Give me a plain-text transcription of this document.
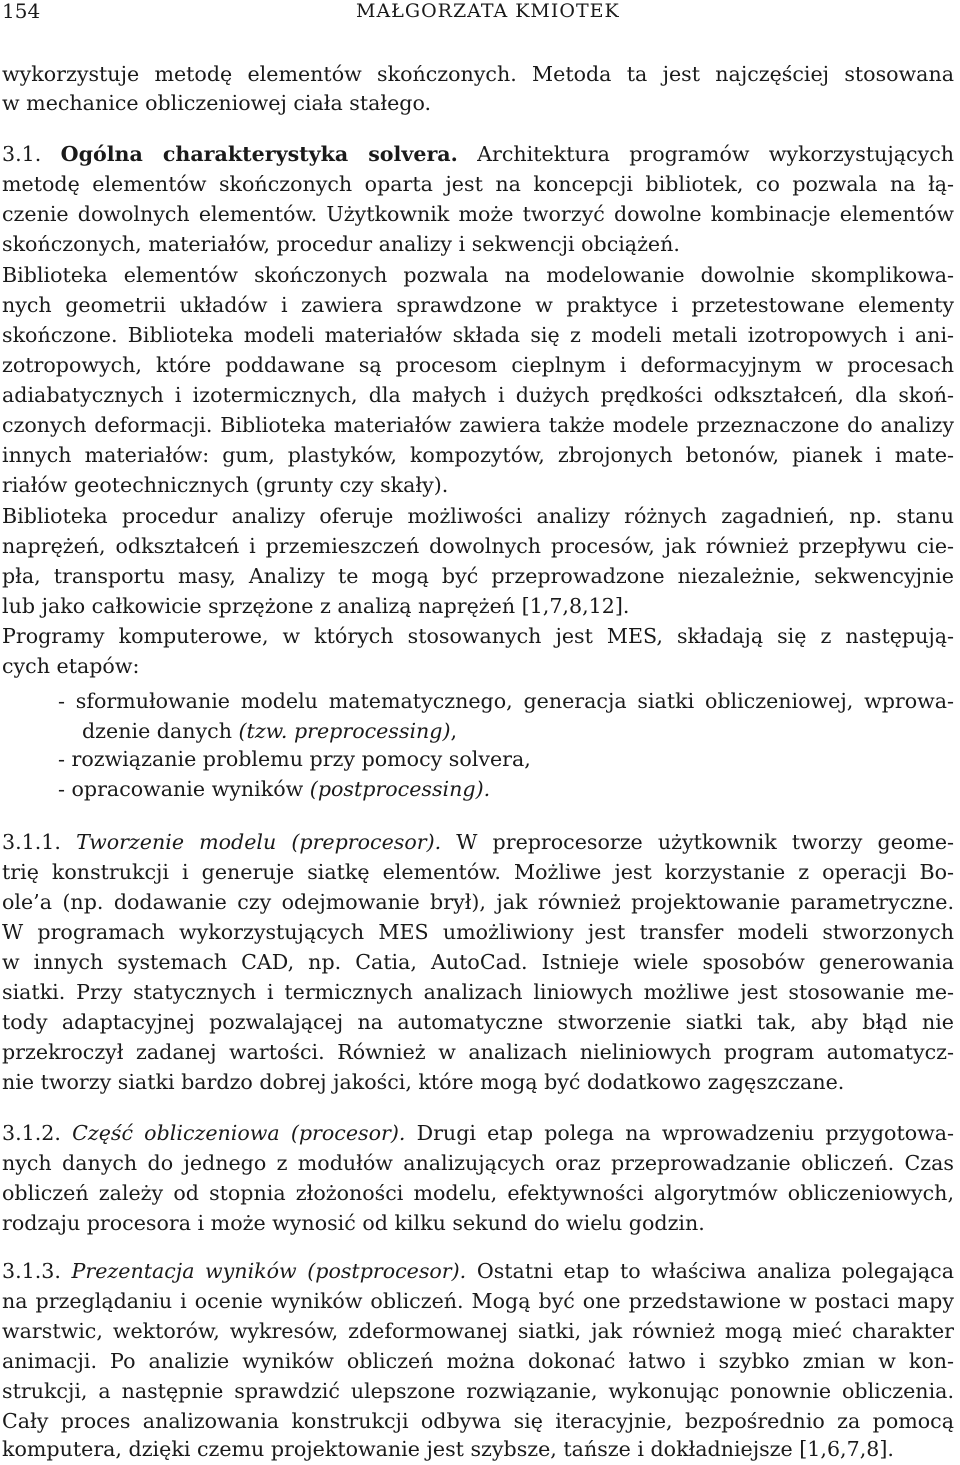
154	MAŁGORZATA KMIOTEK
wykorzystuje metodę elementów skończonych. Metoda ta jest najczęściej stosowana
w mechanice obliczeniowej ciała stałego.
3.1. Ogólna charakterystyka solvera. Architektura programów wykorzystujących
metodę elementów skończonych oparta jest na koncepcji bibliotek, co pozwala na łą-
czenie dowolnych elementów. Użytkownik może tworzyć dowolne kombinacje elementów
skończonych, materiałów, procedur analizy i sekwencji obciążeń.
Biblioteka elementów skończonych pozwala na modelowanie dowolnie skomplikowa-
nych geometrii układów i zawiera sprawdzone w praktyce i przetestowane elementy
skończone. Biblioteka modeli materiałów składa się z modeli metali izotropowych i ani-
zotropowych, które poddawane są procesom cieplnym i deformacyjnym w procesach
adiabatycznych i izotermicznych, dla małych i dużych prędkości odkształceń, dla skoń-
czonych deformacji. Biblioteka materiałów zawiera także modele przeznaczone do analizy
innych materiałów: gum, plastyków, kompozytów, zbrojonych betonów, pianek i mate-
riałów geotechnicznych (grunty czy skały).
Biblioteka procedur analizy oferuje możliwości analizy różnych zagadnień, np. stanu
naprężeń, odkształceń i przemieszczeń dowolnych procesów, jak również przepływu cie-
pła, transportu masy, Analizy te mogą być przeprowadzone niezależnie, sekwencyjnie
lub jako całkowicie sprzężone z analizą naprężeń [1,7,8,12].
Programy komputerowe, w których stosowanych jest MES, składają się z następują-
cych etapów:
- sformułowanie modelu matematycznego, generacja siatki obliczeniowej, wprowa-
dzenie danych (tzw. preprocessing),
- rozwiązanie problemu przy pomocy solvera,
- opracowanie wyników (postprocessing).
3.1.1. Tworzenie modelu (preprocesor). W preprocesorze użytkownik tworzy geome-
trię konstrukcji i generuje siatkę elementów. Możliwe jest korzystanie z operacji Bo-
ole’a (np. dodawanie czy odejmowanie brył), jak również projektowanie parametryczne.
W programach wykorzystujących MES umożliwiony jest transfer modeli stworzonych
w innych systemach CAD, np. Catia, AutoCad. Istnieje wiele sposobów generowania
siatki. Przy statycznych i termicznych analizach liniowych możliwe jest stosowanie me-
tody adaptacyjnej pozwalającej na automatyczne stworzenie siatki tak, aby błąd nie
przekroczył zadanej wartości. Również w analizach nieliniowych program automatycz-
nie tworzy siatki bardzo dobrej jakości, które mogą być dodatkowo zagęszczane.
3.1.2. Część obliczeniowa (procesor). Drugi etap polega na wprowadzeniu przygotowa-
nych danych do jednego z modułów analizujących oraz przeprowadzanie obliczeń. Czas
obliczeń zależy od stopnia złożoności modelu, efektywności algorytmów obliczeniowych,
rodzaju procesora i może wynosić od kilku sekund do wielu godzin.
3.1.3. Prezentacja wyników (postprocesor). Ostatni etap to właściwa analiza polegająca
na przeglądaniu i ocenie wyników obliczeń. Mogą być one przedstawione w postaci mapy
warstwic, wektorów, wykresów, zdeformowanej siatki, jak również mogą mieć charakter
animacji. Po analizie wyników obliczeń można dokonać łatwo i szybko zmian w kon-
strukcji, a następnie sprawdzić ulepszone rozwiązanie, wykonując ponownie obliczenia.
Cały proces analizowania konstrukcji odbywa się iteracyjnie, bezpośrednio za pomocą
komputera, dzięki czemu projektowanie jest szybsze, tańsze i dokładniejsze [1,6,7,8].
